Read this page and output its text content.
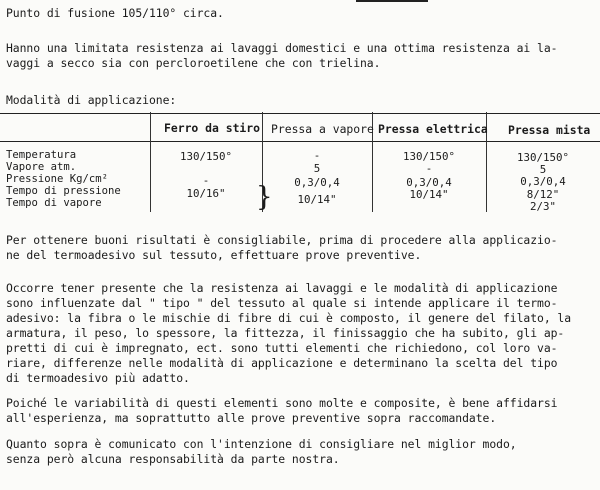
Punto di fusione 105/110° circa.

Hanno una limitata resistenza ai lavaggi domestici e una ottima resistenza ai la-

vaggi a secco sia con percloroetilene che con trielina.

Modalità di applicazione:

Ferro da stiro Pressa a vapore Pressa elettrica Pressa mista
Temperatura
Vapore atm.
Pressione Kg/cm²
Tempo di pressione
Tempo di vapore
130/150°
-
10/16"	}
-
5
0,3/0,4
10/14"
130/150°
-
0,3/0,4
10/14"
130/150°
5
0,3/0,4
8/12"
2/3"

Per ottenere buoni risultati è consigliabile, prima di procedere alla applicazio-

ne del termoadesivo sul tessuto, effettuare prove preventive.

Occorre tener presente che la resistenza ai lavaggi e le modalità di applicazione

sono influenzate dal " tipo " del tessuto al quale si intende applicare il termo-

adesivo: la fibra o le mischie di fibre di cui è composto, il genere del filato, la

armatura, il peso, lo spessore, la fittezza, il finissaggio che ha subito, gli ap-

pretti di cui è impregnato, ect. sono tutti elementi che richiedono, col loro va-

riare, differenze nelle modalità di applicazione e determinano la scelta del tipo

di termoadesivo più adatto.

Poiché le variabilità di questi elementi sono molte e composite, è bene affidarsi

all'esperienza, ma soprattutto alle prove preventive sopra raccomandate.

Quanto sopra è comunicato con l'intenzione di consigliare nel miglior modo,

senza però alcuna responsabilità da parte nostra.
